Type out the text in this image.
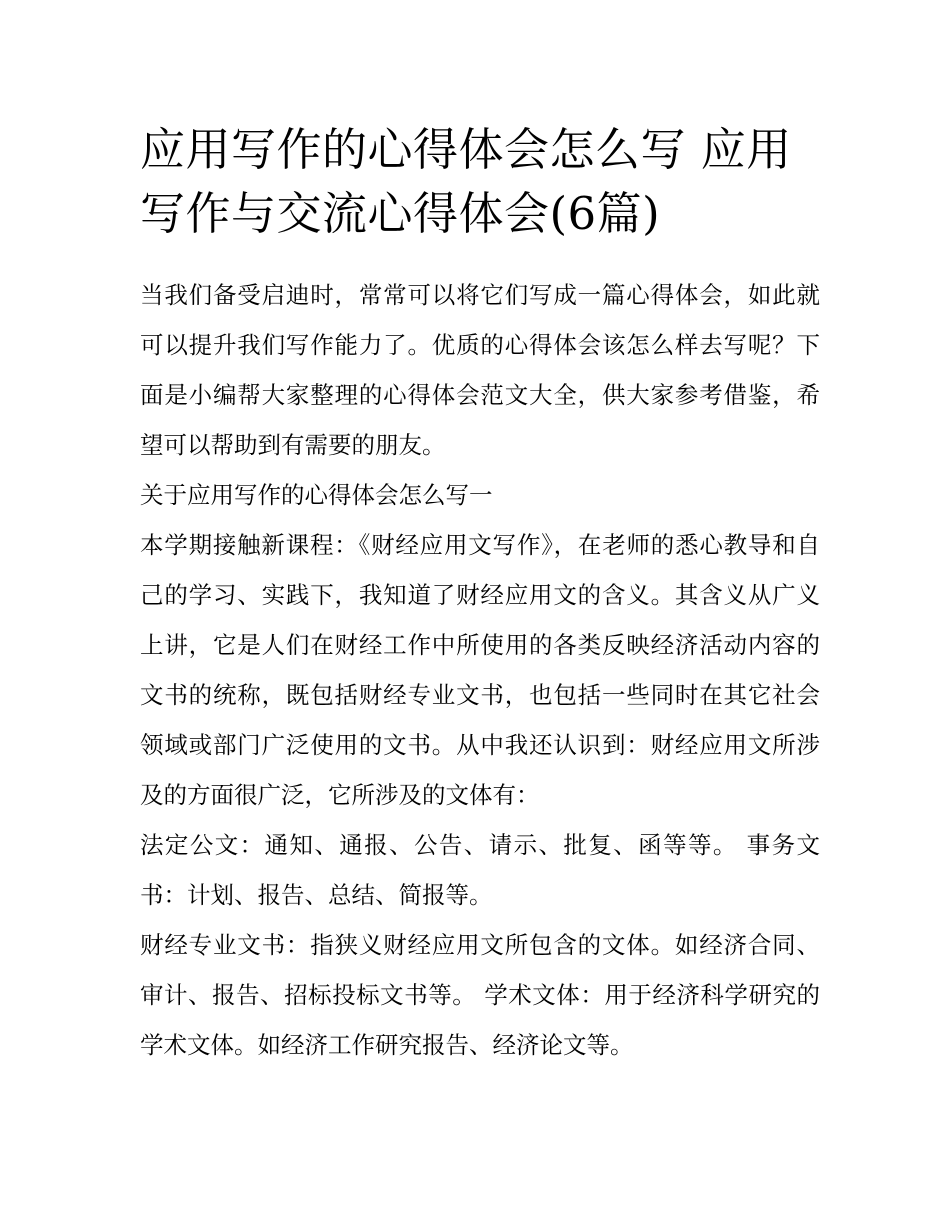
应用写作的心得体会怎么写 应用写作与交流心得体会(6篇)

当我们备受启迪时，常常可以将它们写成一篇心得体会，如此就可以提升我们写作能力了。优质的心得体会该怎么样去写呢？下面是小编帮大家整理的心得体会范文大全，供大家参考借鉴，希望可以帮助到有需要的朋友。

关于应用写作的心得体会怎么写一

本学期接触新课程：《财经应用文写作》，在老师的悉心教导和自己的学习、实践下，我知道了财经应用文的含义。其含义从广义上讲，它是人们在财经工作中所使用的各类反映经济活动内容的文书的统称，既包括财经专业文书，也包括一些同时在其它社会领域或部门广泛使用的文书。从中我还认识到：财经应用文所涉及的方面很广泛，它所涉及的文体有：

法定公文：通知、通报、公告、请示、批复、函等等。 事务文书：计划、报告、总结、简报等。

财经专业文书：指狭义财经应用文所包含的文体。如经济合同、审计、报告、招标投标文书等。 学术文体：用于经济科学研究的学术文体。如经济工作研究报告、经济论文等。
